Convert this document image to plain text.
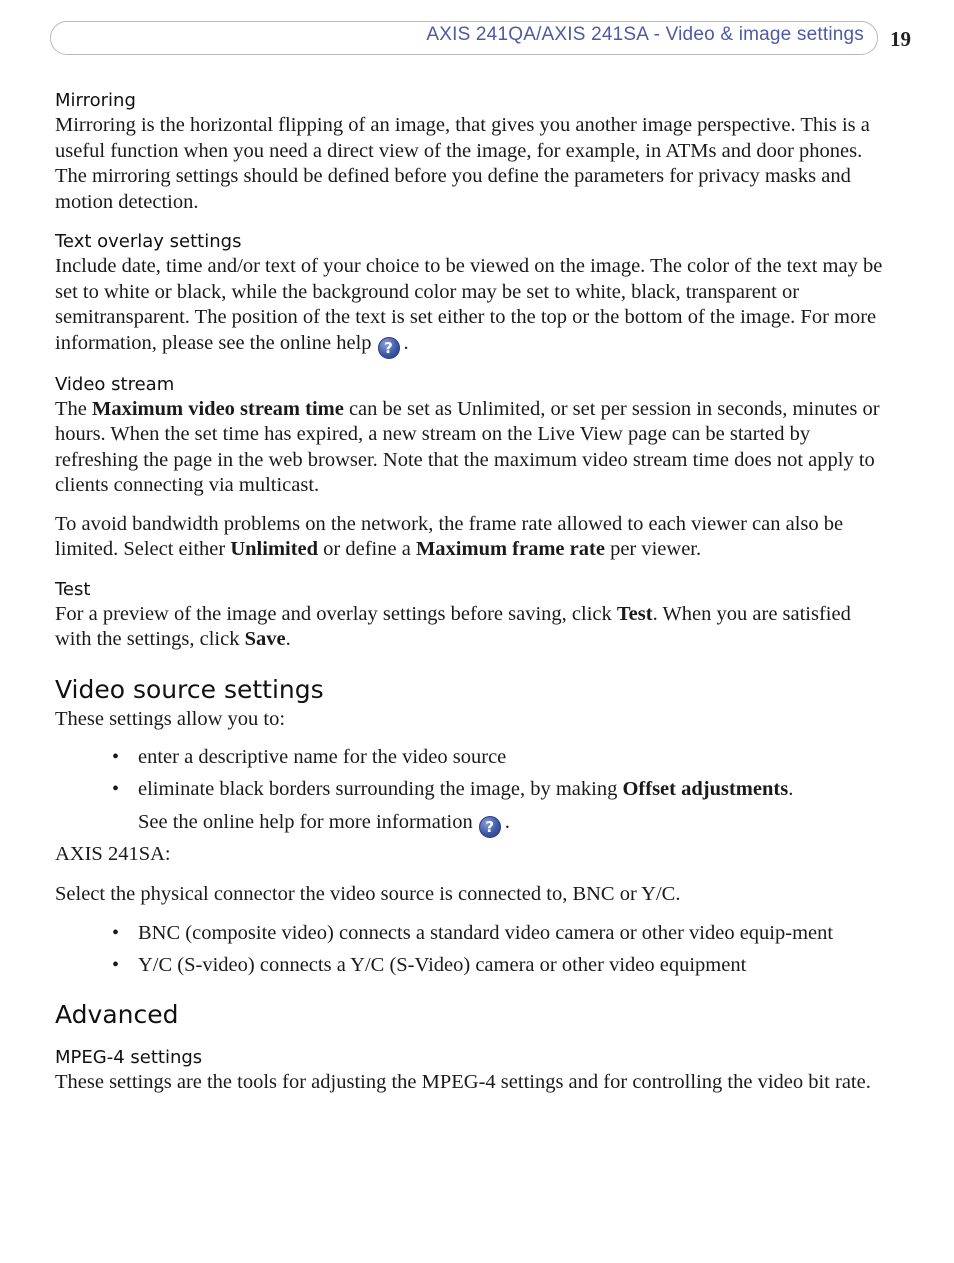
AXIS 241QA/AXIS 241SA - Video & image settings 19
Mirroring

Mirroring is the horizontal flipping of an image, that gives you another image perspective. This is a useful function when you need a direct view of the image, for example, in ATMs and door phones. The mirroring settings should be defined before you define the parameters for privacy masks and motion detection.

Text overlay settings

Include date, time and/or text of your choice to be viewed on the image. The color of the text may be set to white or black, while the background color may be set to white, black, transparent or semitransparent. The position of the text is set either to the top or the bottom of the image. For more information, please see the online help ? .

Video stream

The Maximum video stream time can be set as Unlimited, or set per session in seconds, minutes or hours. When the set time has expired, a new stream on the Live View page can be started by refreshing the page in the web browser. Note that the maximum video stream time does not apply to clients connecting via multicast.

To avoid bandwidth problems on the network, the frame rate allowed to each viewer can also be limited. Select either Unlimited or define a Maximum frame rate per viewer.

Test

For a preview of the image and overlay settings before saving, click Test. When you are satisfied with the settings, click Save.

Video source settings

These settings allow you to:

• enter a descriptive name for the video source
• eliminate black borders surrounding the image, by making Offset adjustments.
See the online help for more information ? .

AXIS 241SA:

Select the physical connector the video source is connected to, BNC or Y/C.

• BNC (composite video) connects a standard video camera or other video equip-ment
• Y/C (S-video) connects a Y/C (S-Video) camera or other video equipment
Advanced
MPEG-4 settings

These settings are the tools for adjusting the MPEG-4 settings and for controlling the video bit rate.
